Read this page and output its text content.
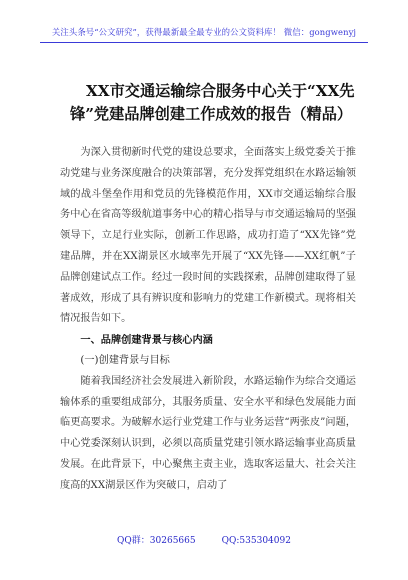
关注头条号“公文研究”，获得最新最全最专业的公文资料库！ 微信：gongwenyj
XX市交通运输综合服务中心关于“XX先
锋”党建品牌创建工作成效的报告（精品）

为深入贯彻新时代党的建设总要求，全面落实上级党委关于推动党建与业务深度融合的决策部署，充分发挥党组织在水路运输领域的战斗堡垒作用和党员的先锋模范作用，XX市交通运输综合服务中心在省高等级航道事务中心的精心指导与市交通运输局的坚强领导下，立足行业实际，创新工作思路，成功打造了“XX先锋”党建品牌，并在XX湖景区水域率先开展了“XX先锋——XX红帆”子品牌创建试点工作。经过一段时间的实践探索，品牌创建取得了显著成效，形成了具有辨识度和影响力的党建工作新模式。现将相关情况报告如下。

一、品牌创建背景与核心内涵

(一)创建背景与目标

随着我国经济社会发展进入新阶段，水路运输作为综合交通运输体系的重要组成部分，其服务质量、安全水平和绿色发展能力面临更高要求。为破解水运行业党建工作与业务运营“两张皮”问题，中心党委深刻认识到，必须以高质量党建引领水路运输事业高质量发展。在此背景下，中心聚焦主责主业，选取客运量大、社会关注度高的XX湖景区作为突破口，启动了

QQ群：30265665	QQ:535304092
